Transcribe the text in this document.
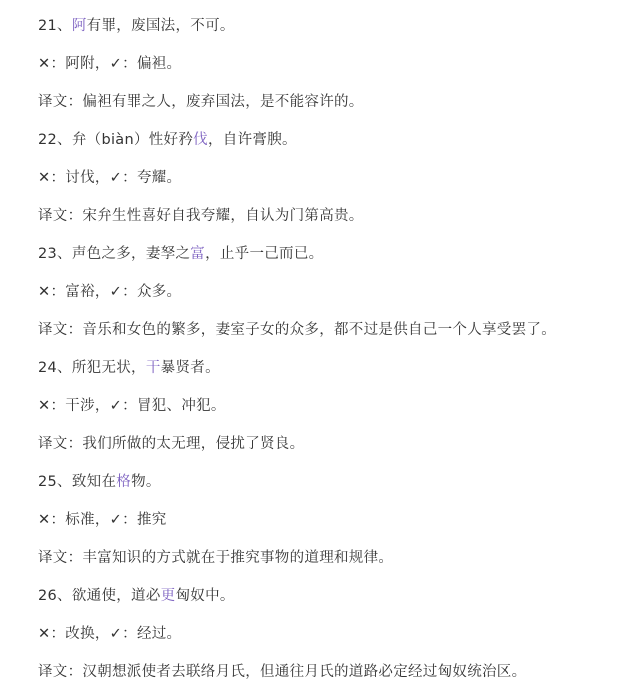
21、阿有罪，废国法，不可。
✕：阿附，✓：偏袒。
译文：偏袒有罪之人，废弃国法，是不能容许的。
22、弁（biàn）性好矜伐，自许膏腴。
✕：讨伐，✓：夸耀。
译文：宋弁生性喜好自我夸耀，自认为门第高贵。
23、声色之多，妻孥之富，止乎一己而已。
✕：富裕，✓：众多。
译文：音乐和女色的繁多，妻室子女的众多，都不过是供自己一个人享受罢了。
24、所犯无状，干暴贤者。
✕：干涉，✓：冒犯、冲犯。
译文：我们所做的太无理，侵扰了贤良。
25、致知在格物。
✕：标准，✓：推究
译文：丰富知识的方式就在于推究事物的道理和规律。
26、欲通使，道必更匈奴中。
✕：改换，✓：经过。
译文：汉朝想派使者去联络月氏，但通往月氏的道路必定经过匈奴统治区。
